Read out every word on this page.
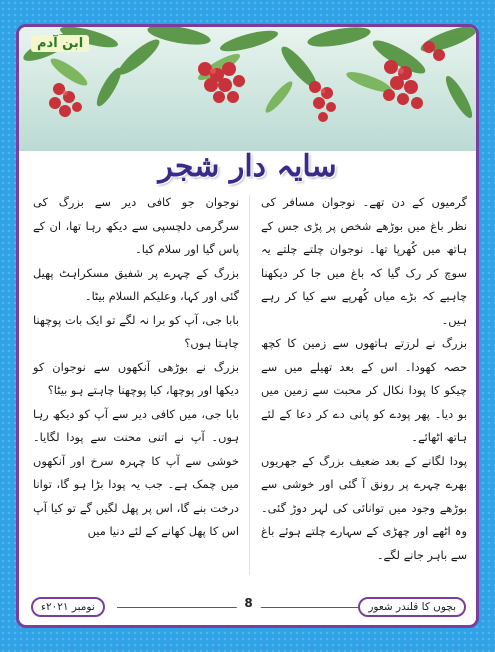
ابن آدم
سایہ دار شجر

گرمیوں کے دن تھے۔ نوجوان مسافر کی نظر باغ میں بوڑھے شخص پر پڑی جس کے ہاتھ میں کُھرپا تھا۔ نوجوان چلتے چلتے یہ سوچ کر رک گیا کہ باغ میں جا کر دیکھنا چاہیے کہ بڑے میاں کُھرپے سے کیا کر رہے ہیں۔

بزرگ نے لرزتے ہاتھوں سے زمین کا کچھ حصہ کھودا۔ اس کے بعد تھیلے میں سے چیکو کا پودا نکال کر محبت سے زمین میں بو دیا۔ پھر پودے کو پانی دے کر دعا کے لئے ہاتھ اٹھائے۔

پودا لگانے کے بعد ضعیف بزرگ کے جھریوں بھرے چہرے پر رونق آ گئی اور خوشی سے بوڑھے وجود میں توانائی کی لہر دوڑ گئی۔ وہ اٹھے اور چھڑی کے سہارے چلتے ہوئے باغ سے باہر جانے لگے۔

نوجوان جو کافی دیر سے بزرگ کی سرگرمی دلچسپی سے دیکھ رہا تھا، ان کے پاس گیا اور سلام کیا۔

بزرگ کے چہرے پر شفیق مسکراہٹ پھیل گئی اور کہا، وعلیکم السلام بیٹا۔

بابا جی، آپ کو برا نہ لگے تو ایک بات پوچھنا چاہتا ہوں؟

بزرگ نے بوڑھی آنکھوں سے نوجوان کو دیکھا اور پوچھا، کیا پوچھنا چاہتے ہو بیٹا؟

بابا جی، میں کافی دیر سے آپ کو دیکھ رہا ہوں۔ آپ نے اتنی محنت سے پودا لگایا۔ خوشی سے آپ کا چہرہ سرخ اور آنکھوں میں چمک ہے۔ جب یہ پودا بڑا ہو گا، توانا درخت بنے گا، اس پر پھل لگیں گے تو کیا آپ اس کا پھل کھانے کے لئے دنیا میں

نومبر ۲۰۲۱ء	8	بچوں کا قلندر شعور
